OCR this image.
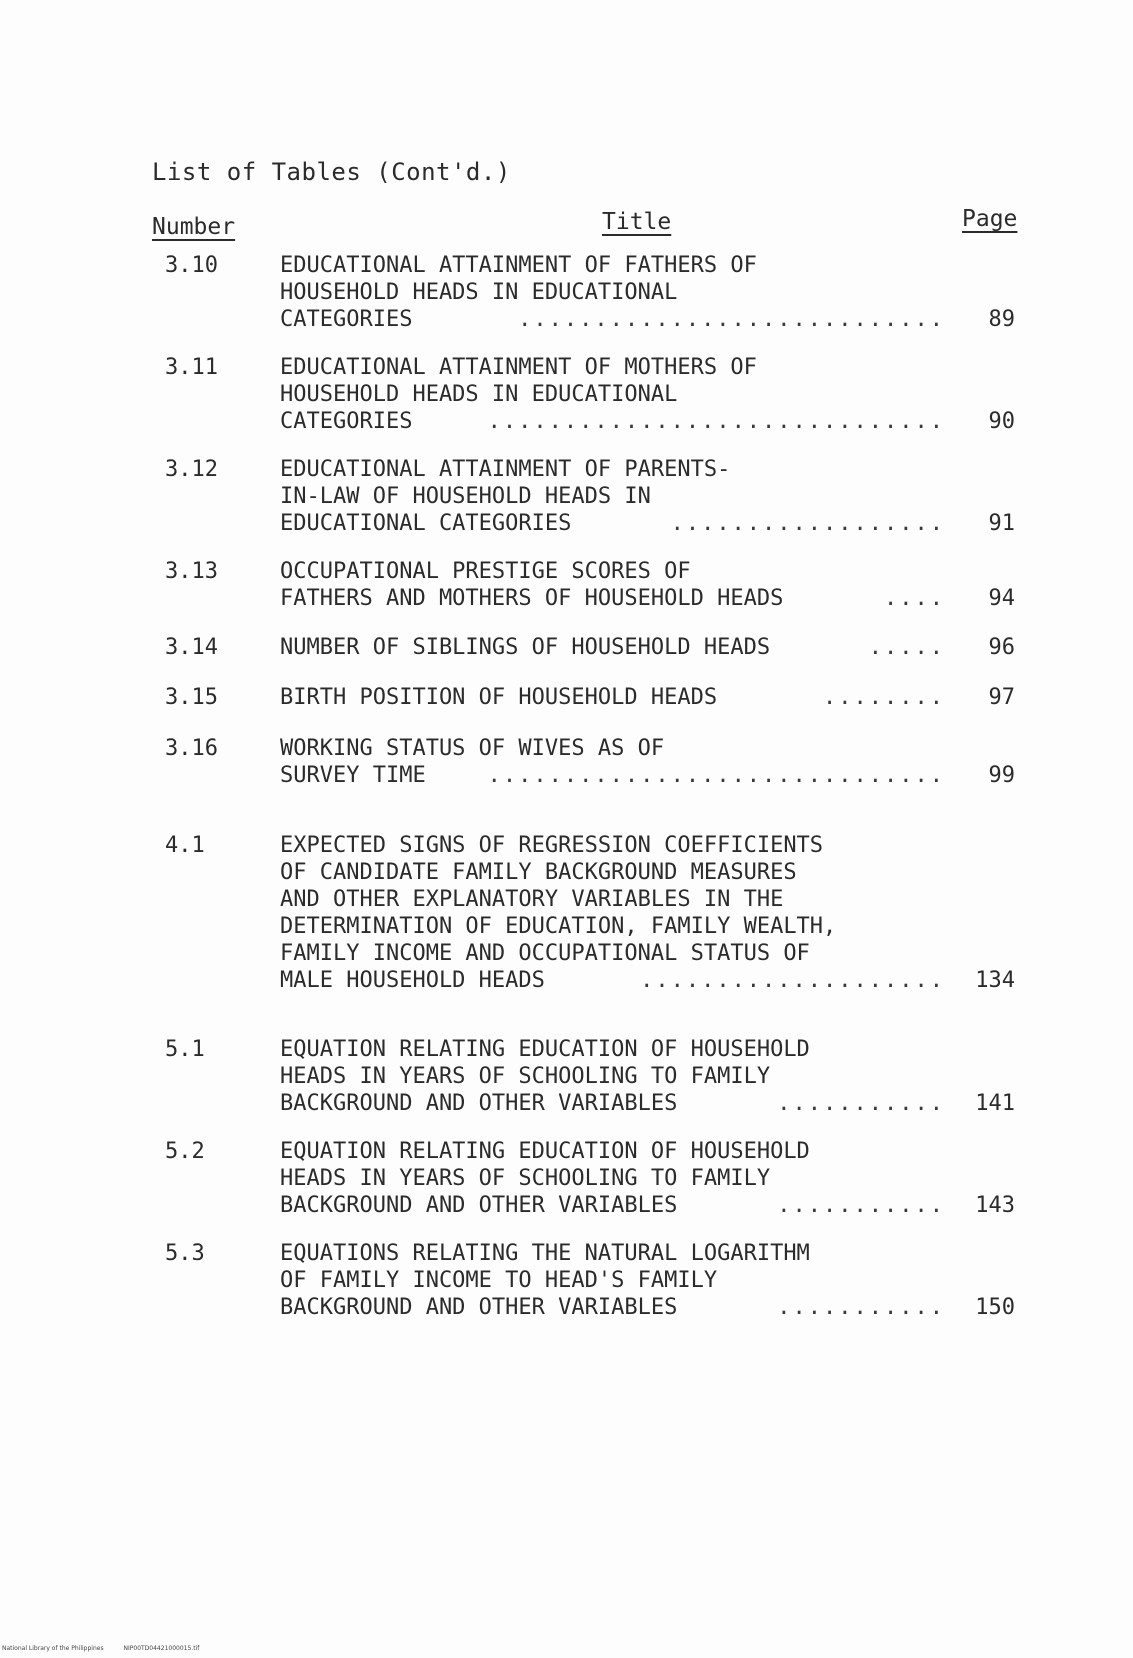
List of Tables (Cont'd.)
Number	Title	Page
3.10	EDUCATIONAL ATTAINMENT OF FATHERS OF
HOUSEHOLD HEADS IN EDUCATIONAL
CATEGORIES	............................	89
3.11	EDUCATIONAL ATTAINMENT OF MOTHERS OF
HOUSEHOLD HEADS IN EDUCATIONAL
CATEGORIES	..............................	90
3.12	EDUCATIONAL ATTAINMENT OF PARENTS-
IN-LAW OF HOUSEHOLD HEADS IN
EDUCATIONAL CATEGORIES	..................	91
3.13	OCCUPATIONAL PRESTIGE SCORES OF
FATHERS AND MOTHERS OF HOUSEHOLD HEADS	....	94
3.14	NUMBER OF SIBLINGS OF HOUSEHOLD HEADS	.....	96
3.15	BIRTH POSITION OF HOUSEHOLD HEADS	........	97
3.16	WORKING STATUS OF WIVES AS OF
SURVEY TIME	..............................	99
4.1	EXPECTED SIGNS OF REGRESSION COEFFICIENTS
OF CANDIDATE FAMILY BACKGROUND MEASURES
AND OTHER EXPLANATORY VARIABLES IN THE
DETERMINATION OF EDUCATION, FAMILY WEALTH,
FAMILY INCOME AND OCCUPATIONAL STATUS OF
MALE HOUSEHOLD HEADS	....................	134
5.1	EQUATION RELATING EDUCATION OF HOUSEHOLD
HEADS IN YEARS OF SCHOOLING TO FAMILY
BACKGROUND AND OTHER VARIABLES	...........	141
5.2	EQUATION RELATING EDUCATION OF HOUSEHOLD
HEADS IN YEARS OF SCHOOLING TO FAMILY
BACKGROUND AND OTHER VARIABLES	...........	143
5.3	EQUATIONS RELATING THE NATURAL LOGARITHM
OF FAMILY INCOME TO HEAD'S FAMILY
BACKGROUND AND OTHER VARIABLES	...........	150
National Library of the Philippines	NIP00TD04421000015.tif
